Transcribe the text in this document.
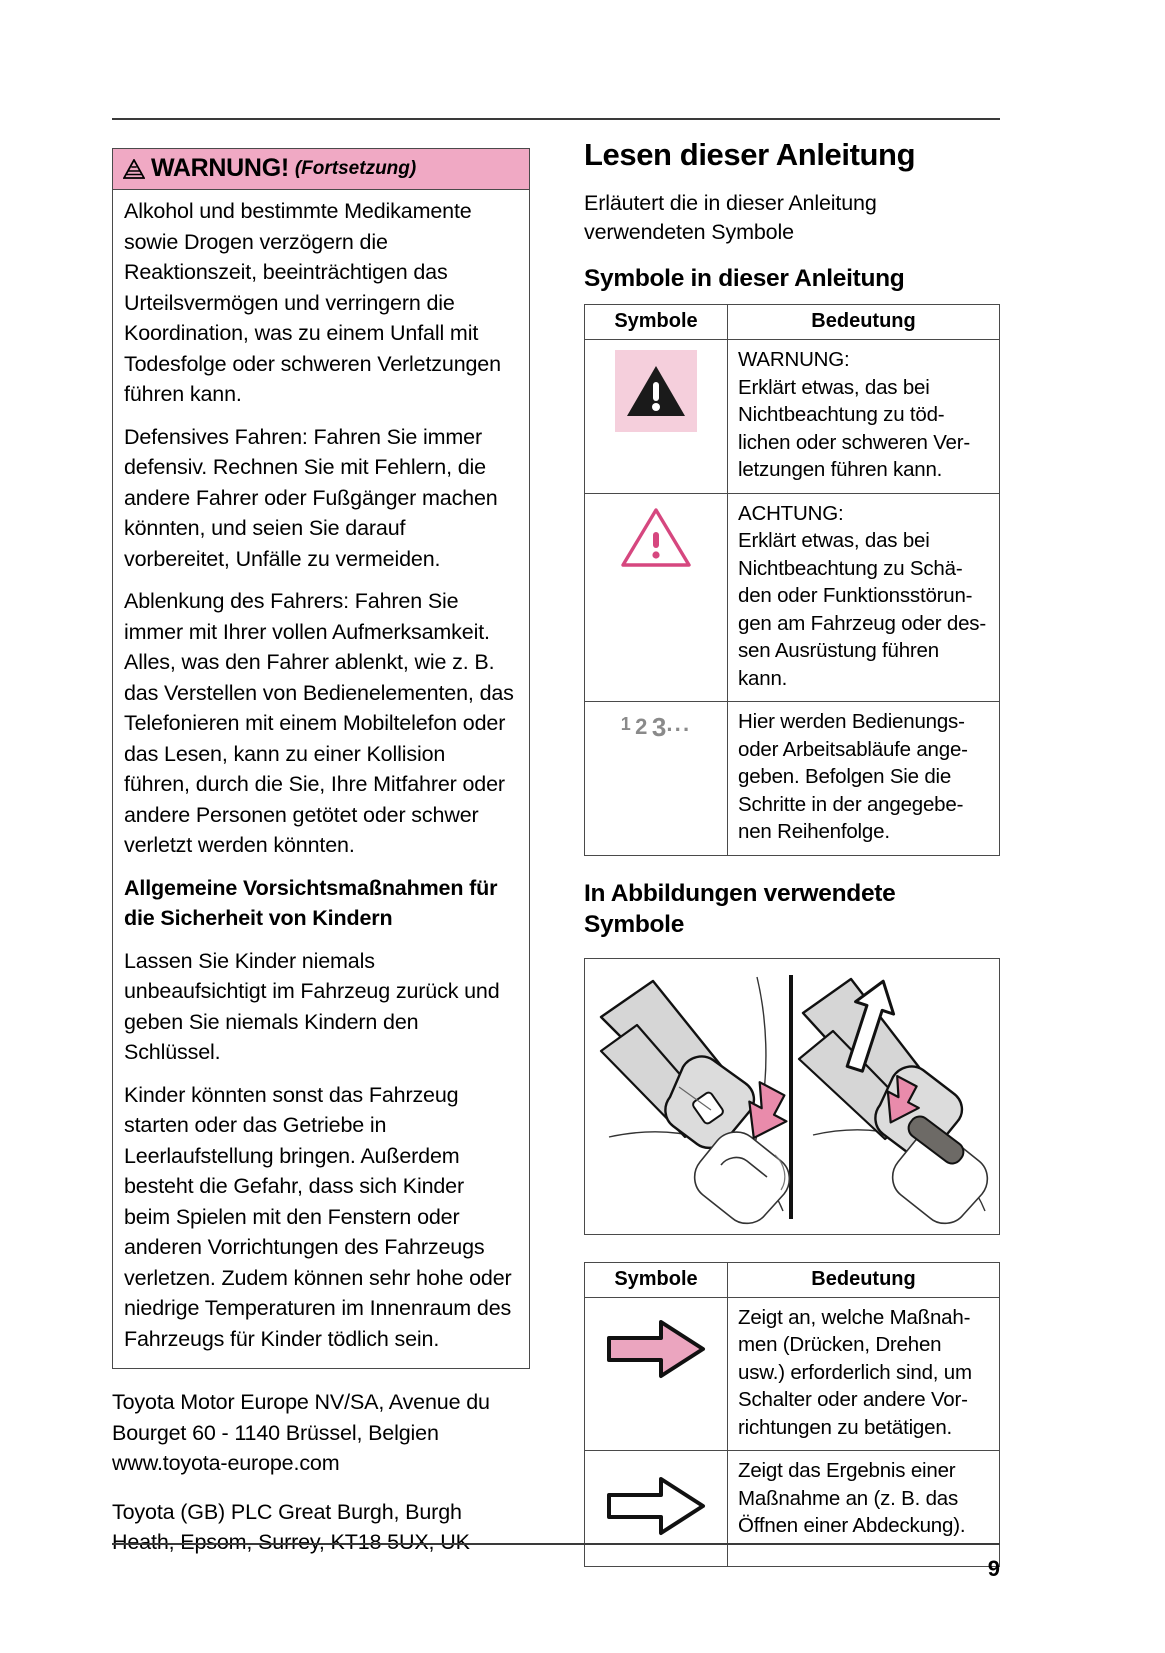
WARNUNG! (Fortsetzung)

Alkohol und bestimmte Medikamente sowie Drogen verzögern die Reaktionszeit, beeinträchtigen das Urteilsvermögen und verringern die Koordination, was zu einem Unfall mit Todesfolge oder schweren Verletzungen führen kann.

Defensives Fahren: Fahren Sie immer defensiv. Rechnen Sie mit Fehlern, die andere Fahrer oder Fußgänger machen könnten, und seien Sie darauf vorbereitet, Unfälle zu vermeiden.

Ablenkung des Fahrers: Fahren Sie immer mit Ihrer vollen Aufmerksamkeit. Alles, was den Fahrer ablenkt, wie z. B. das Verstellen von Bedienelementen, das Telefonieren mit einem Mobiltelefon oder das Lesen, kann zu einer Kollision führen, durch die Sie, Ihre Mitfahrer oder andere Personen getötet oder schwer verletzt werden könnten.

Allgemeine Vorsichtsmaßnahmen für die Sicherheit von Kindern

Lassen Sie Kinder niemals unbeaufsichtigt im Fahrzeug zurück und geben Sie niemals Kindern den Schlüssel.

Kinder könnten sonst das Fahrzeug starten oder das Getriebe in Leerlaufstellung bringen. Außerdem besteht die Gefahr, dass sich Kinder beim Spielen mit den Fenstern oder anderen Vorrichtungen des Fahrzeugs verletzen. Zudem können sehr hohe oder niedrige Temperaturen im Innenraum des Fahrzeugs für Kinder tödlich sein.

Toyota Motor Europe NV/SA, Avenue du Bourget 60 - 1140 Brüssel, Belgien www.toyota-europe.com

Toyota (GB) PLC Great Burgh, Burgh Heath, Epsom, Surrey, KT18 5UX, UK

Lesen dieser Anleitung

Erläutert die in dieser Anleitung verwendeten Symbole

Symbole in dieser Anleitung
Symbole	Bedeutung

	WARNUNG:
Erklärt etwas, das bei Nichtbeachtung zu töd-lichen oder schweren Ver-letzungen führen kann.
	ACHTUNG:
Erklärt etwas, das bei Nichtbeachtung zu Schä-den oder Funktionsstörun-gen am Fahrzeug oder des-sen Ausrüstung führen kann.
1 2 3···	Hier werden Bedienungs-oder Arbeitsabläufe ange-geben. Befolgen Sie die Schritte in der angegebe-nen Reihenfolge.
In Abbildungen verwendete Symbole
Symbole	Bedeutung
	Zeigt an, welche Maßnah-men (Drücken, Drehen usw.) erforderlich sind, um Schalter oder andere Vor-richtungen zu betätigen.
	Zeigt das Ergebnis einer Maßnahme an (z. B. das Öffnen einer Abdeckung).
9
